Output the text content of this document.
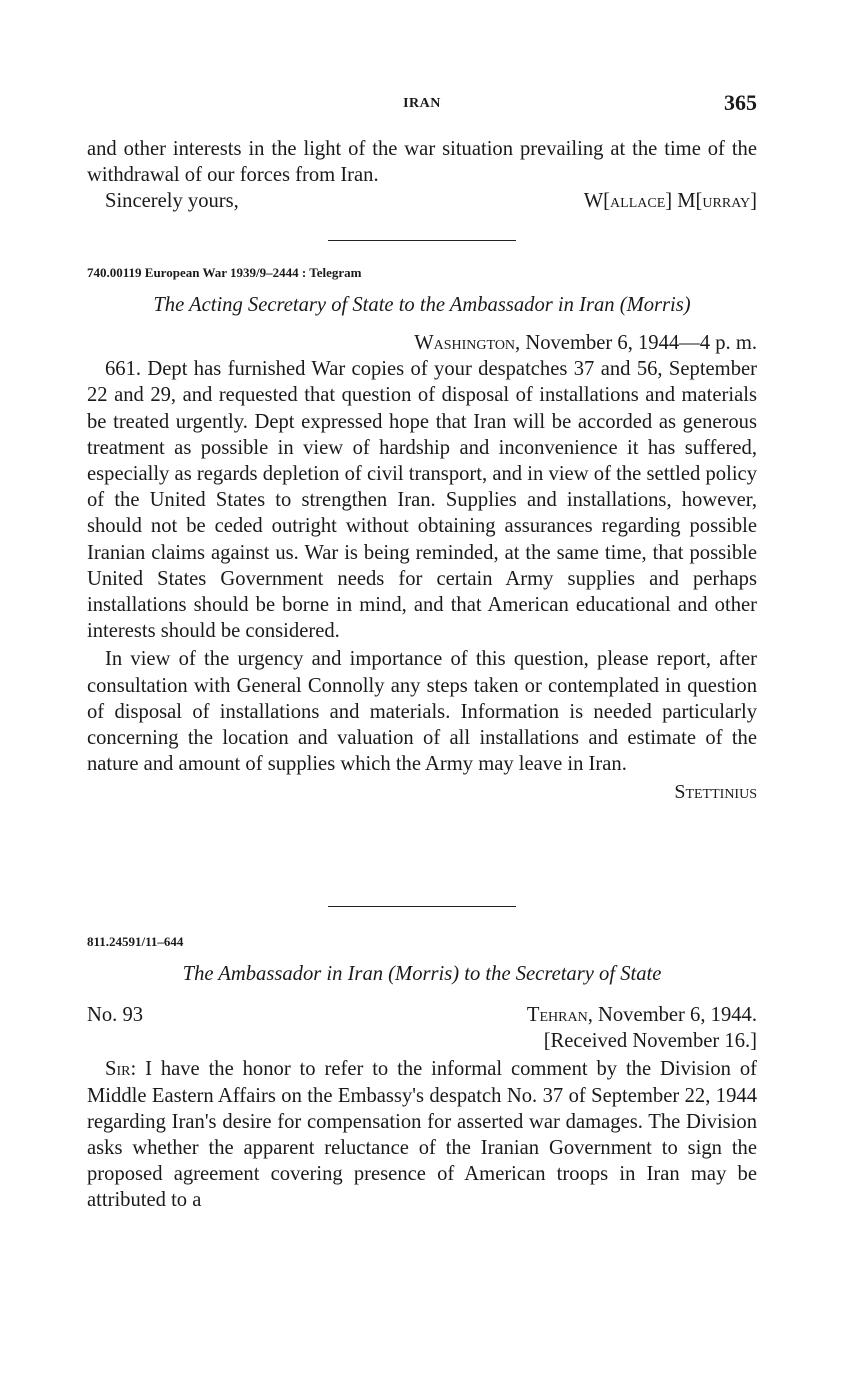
IRAN	365

and other interests in the light of the war situation prevailing at the time of the withdrawal of our forces from Iran.

Sincerely yours,	W[allace] M[urray]
740.00119 European War 1939/9–2444 : Telegram
The Acting Secretary of State to the Ambassador in Iran (Morris)
Washington, November 6, 1944—4 p. m.

661. Dept has furnished War copies of your despatches 37 and 56, September 22 and 29, and requested that question of disposal of installations and materials be treated urgently. Dept expressed hope that Iran will be accorded as generous treatment as possible in view of hardship and inconvenience it has suffered, especially as regards depletion of civil transport, and in view of the settled policy of the United States to strengthen Iran. Supplies and installations, however, should not be ceded outright without obtaining assurances regarding possible Iranian claims against us. War is being reminded, at the same time, that possible United States Government needs for certain Army supplies and perhaps installations should be borne in mind, and that American educational and other interests should be considered.

In view of the urgency and importance of this question, please report, after consultation with General Connolly any steps taken or contemplated in question of disposal of installations and materials. Information is needed particularly concerning the location and valuation of all installations and estimate of the nature and amount of supplies which the Army may leave in Iran.

Stettinius
811.24591/11–644
The Ambassador in Iran (Morris) to the Secretary of State
No. 93	Tehran, November 6, 1944.
[Received November 16.]

Sir: I have the honor to refer to the informal comment by the Division of Middle Eastern Affairs on the Embassy's despatch No. 37 of September 22, 1944 regarding Iran's desire for compensation for asserted war damages. The Division asks whether the apparent reluctance of the Iranian Government to sign the proposed agreement covering presence of American troops in Iran may be attributed to a
